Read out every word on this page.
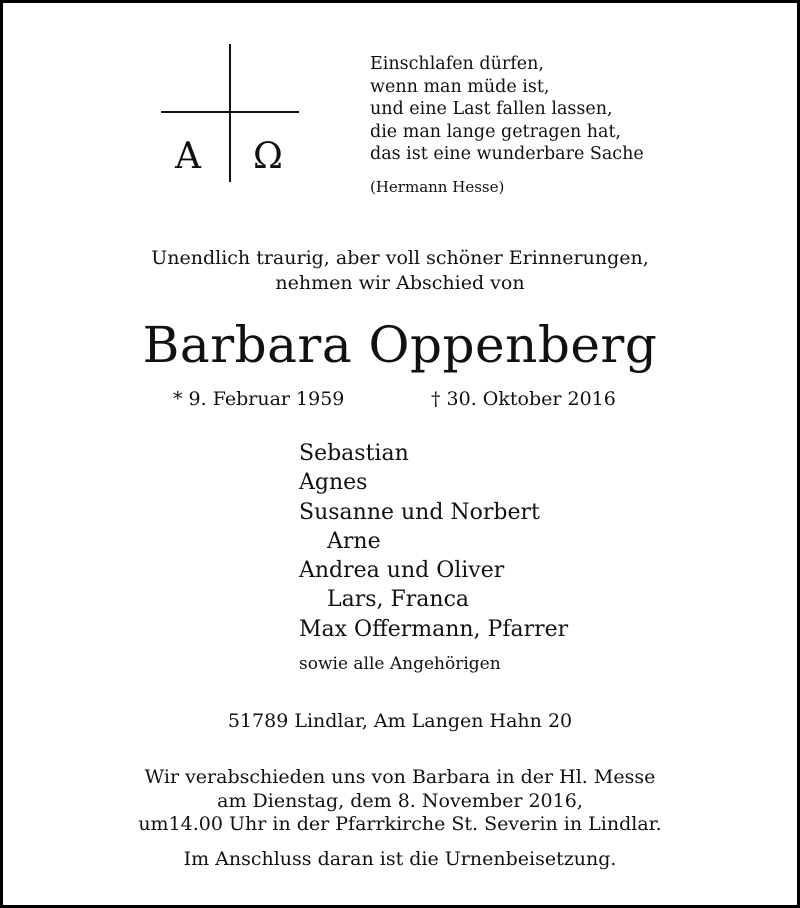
A Ω
Einschlafen dürfen,
wenn man müde ist,
und eine Last fallen lassen,
die man lange getragen hat,
das ist eine wunderbare Sache
(Hermann Hesse)
Unendlich traurig, aber voll schöner Erinnerungen,
nehmen wir Abschied von
Barbara Oppenberg
* 9. Februar 1959	† 30. Oktober 2016
Sebastian
Agnes
Susanne und Norbert
Arne
Andrea und Oliver
Lars, Franca
Max Offermann, Pfarrer
sowie alle Angehörigen
51789 Lindlar, Am Langen Hahn 20
Wir verabschieden uns von Barbara in der Hl. Messe
am Dienstag, dem 8. November 2016,
um14.00 Uhr in der Pfarrkirche St. Severin in Lindlar.
Im Anschluss daran ist die Urnenbeisetzung.
